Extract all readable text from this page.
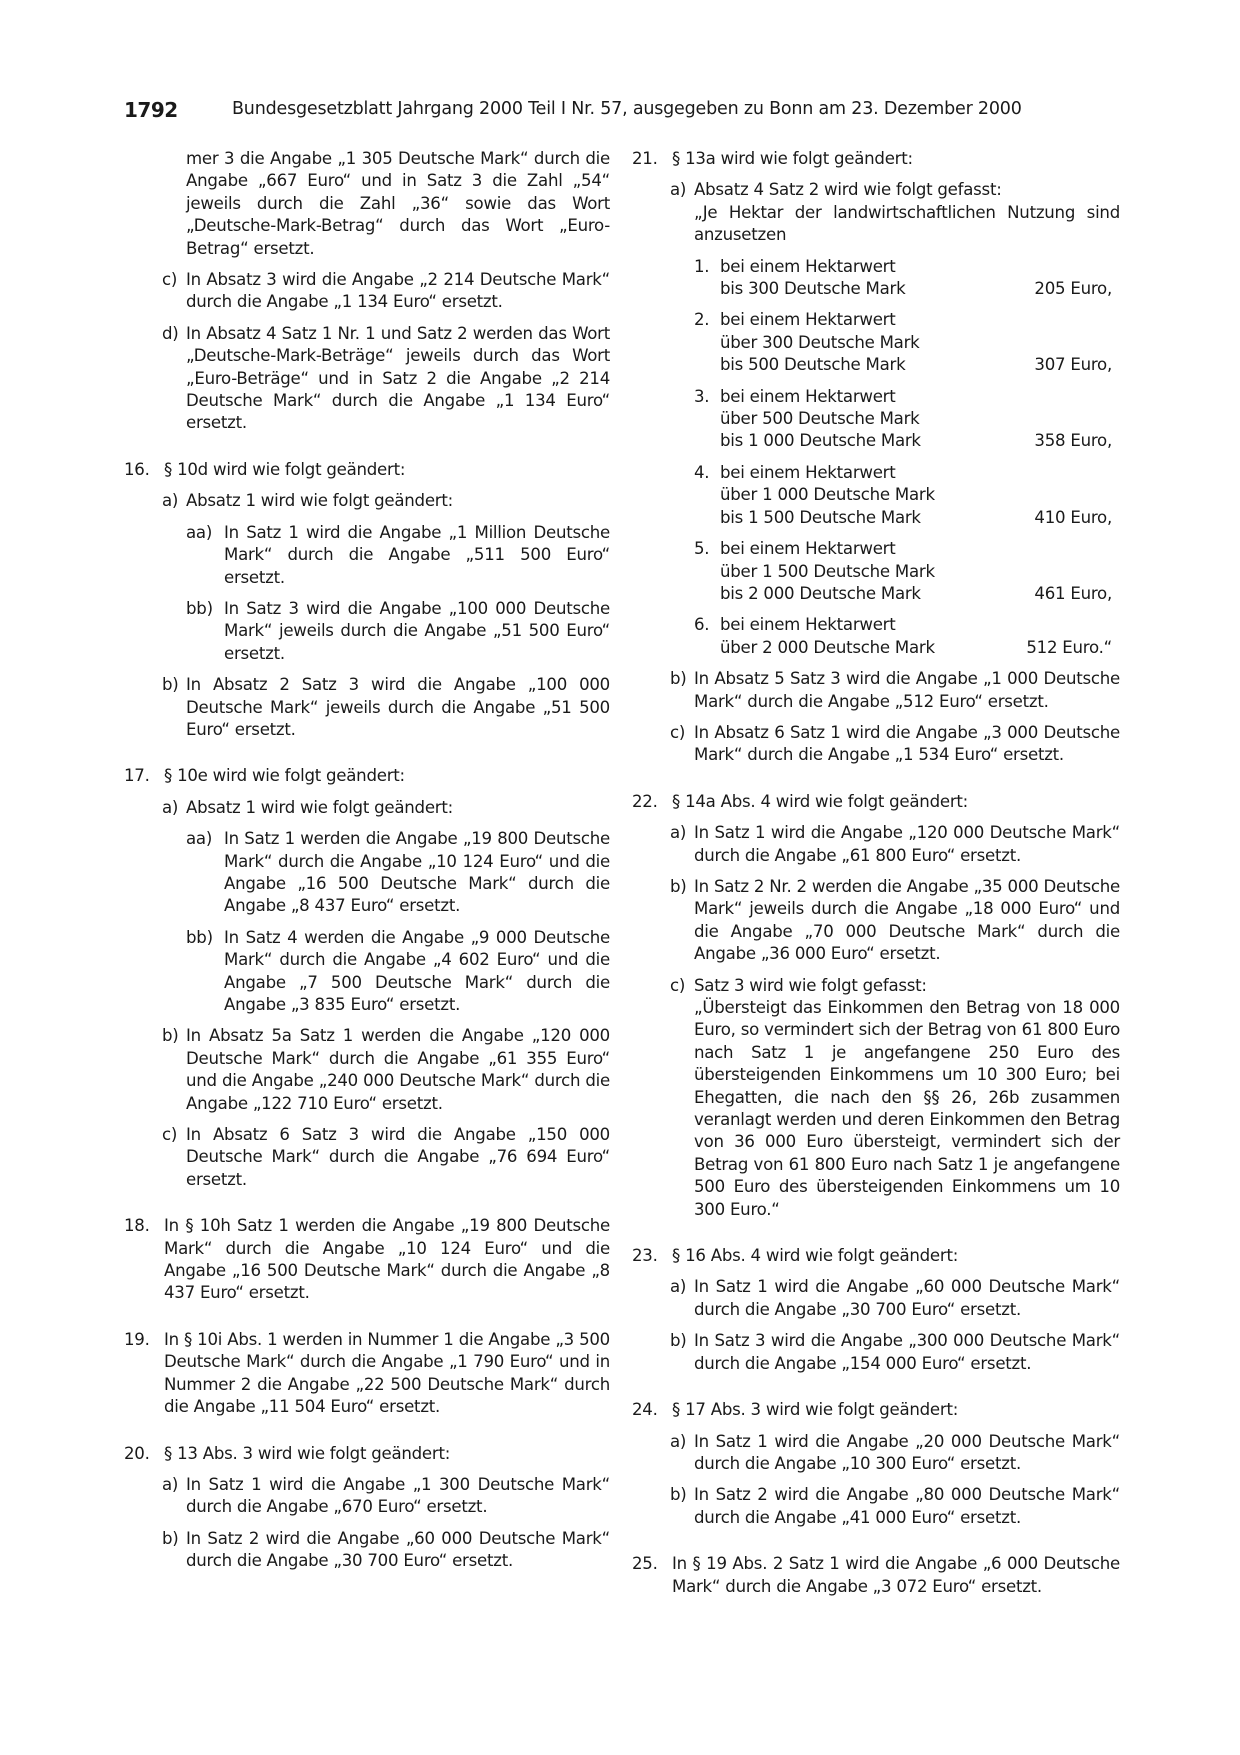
1792	Bundesgesetzblatt Jahrgang 2000 Teil I Nr. 57, ausgegeben zu Bonn am 23. Dezember 2000

mer 3 die Angabe „1 305 Deutsche Mark“ durch die Angabe „667 Euro“ und in Satz 3 die Zahl „54“ jeweils durch die Zahl „36“ sowie das Wort „Deutsche-Mark-Betrag“ durch das Wort „Euro-Betrag“ ersetzt.

c) In Absatz 3 wird die Angabe „2 214 Deutsche Mark“ durch die Angabe „1 134 Euro“ ersetzt.

d) In Absatz 4 Satz 1 Nr. 1 und Satz 2 werden das Wort „Deutsche-Mark-Beträge“ jeweils durch das Wort „Euro-Beträge“ und in Satz 2 die Angabe „2 214 Deutsche Mark“ durch die Angabe „1 134 Euro“ ersetzt.

16. § 10d wird wie folgt geändert:

a) Absatz 1 wird wie folgt geändert:

aa) In Satz 1 wird die Angabe „1 Million Deutsche Mark“ durch die Angabe „511 500 Euro“ ersetzt.

bb) In Satz 3 wird die Angabe „100 000 Deutsche Mark“ jeweils durch die Angabe „51 500 Euro“ ersetzt.

b) In Absatz 2 Satz 3 wird die Angabe „100 000 Deutsche Mark“ jeweils durch die Angabe „51 500 Euro“ ersetzt.

17. § 10e wird wie folgt geändert:

a) Absatz 1 wird wie folgt geändert:

aa) In Satz 1 werden die Angabe „19 800 Deutsche Mark“ durch die Angabe „10 124 Euro“ und die Angabe „16 500 Deutsche Mark“ durch die Angabe „8 437 Euro“ ersetzt.

bb) In Satz 4 werden die Angabe „9 000 Deutsche Mark“ durch die Angabe „4 602 Euro“ und die Angabe „7 500 Deutsche Mark“ durch die Angabe „3 835 Euro“ ersetzt.

b) In Absatz 5a Satz 1 werden die Angabe „120 000 Deutsche Mark“ durch die Angabe „61 355 Euro“ und die Angabe „240 000 Deutsche Mark“ durch die Angabe „122 710 Euro“ ersetzt.

c) In Absatz 6 Satz 3 wird die Angabe „150 000 Deutsche Mark“ durch die Angabe „76 694 Euro“ ersetzt.

18. In § 10h Satz 1 werden die Angabe „19 800 Deutsche Mark“ durch die Angabe „10 124 Euro“ und die Angabe „16 500 Deutsche Mark“ durch die Angabe „8 437 Euro“ ersetzt.

19. In § 10i Abs. 1 werden in Nummer 1 die Angabe „3 500 Deutsche Mark“ durch die Angabe „1 790 Euro“ und in Nummer 2 die Angabe „22 500 Deutsche Mark“ durch die Angabe „11 504 Euro“ ersetzt.

20. § 13 Abs. 3 wird wie folgt geändert:

a) In Satz 1 wird die Angabe „1 300 Deutsche Mark“ durch die Angabe „670 Euro“ ersetzt.

b) In Satz 2 wird die Angabe „60 000 Deutsche Mark“ durch die Angabe „30 700 Euro“ ersetzt.

21. § 13a wird wie folgt geändert:

a) Absatz 4 Satz 2 wird wie folgt gefasst:

„Je Hektar der landwirtschaftlichen Nutzung sind anzusetzen

1. bei einem Hektarwert
bis 300 Deutsche Mark	205 Euro,
2. bei einem Hektarwert
über 300 Deutsche Mark
bis 500 Deutsche Mark	307 Euro,
3. bei einem Hektarwert
über 500 Deutsche Mark
bis 1 000 Deutsche Mark	358 Euro,
4. bei einem Hektarwert
über 1 000 Deutsche Mark
bis 1 500 Deutsche Mark	410 Euro,
5. bei einem Hektarwert
über 1 500 Deutsche Mark
bis 2 000 Deutsche Mark	461 Euro,
6. bei einem Hektarwert
über 2 000 Deutsche Mark	512 Euro.“
b) In Absatz 5 Satz 3 wird die Angabe „1 000 Deutsche Mark“ durch die Angabe „512 Euro“ ersetzt.

c) In Absatz 6 Satz 1 wird die Angabe „3 000 Deutsche Mark“ durch die Angabe „1 534 Euro“ ersetzt.

22. § 14a Abs. 4 wird wie folgt geändert:

a) In Satz 1 wird die Angabe „120 000 Deutsche Mark“ durch die Angabe „61 800 Euro“ ersetzt.

b) In Satz 2 Nr. 2 werden die Angabe „35 000 Deutsche Mark“ jeweils durch die Angabe „18 000 Euro“ und die Angabe „70 000 Deutsche Mark“ durch die Angabe „36 000 Euro“ ersetzt.

c) Satz 3 wird wie folgt gefasst:

„Übersteigt das Einkommen den Betrag von 18 000 Euro, so vermindert sich der Betrag von 61 800 Euro nach Satz 1 je angefangene 250 Euro des übersteigenden Einkommens um 10 300 Euro; bei Ehegatten, die nach den §§ 26, 26b zusammen veranlagt werden und deren Einkommen den Betrag von 36 000 Euro übersteigt, vermindert sich der Betrag von 61 800 Euro nach Satz 1 je angefangene 500 Euro des übersteigenden Einkommens um 10 300 Euro.“

23. § 16 Abs. 4 wird wie folgt geändert:

a) In Satz 1 wird die Angabe „60 000 Deutsche Mark“ durch die Angabe „30 700 Euro“ ersetzt.

b) In Satz 3 wird die Angabe „300 000 Deutsche Mark“ durch die Angabe „154 000 Euro“ ersetzt.

24. § 17 Abs. 3 wird wie folgt geändert:

a) In Satz 1 wird die Angabe „20 000 Deutsche Mark“ durch die Angabe „10 300 Euro“ ersetzt.

b) In Satz 2 wird die Angabe „80 000 Deutsche Mark“ durch die Angabe „41 000 Euro“ ersetzt.

25. In § 19 Abs. 2 Satz 1 wird die Angabe „6 000 Deutsche Mark“ durch die Angabe „3 072 Euro“ ersetzt.
